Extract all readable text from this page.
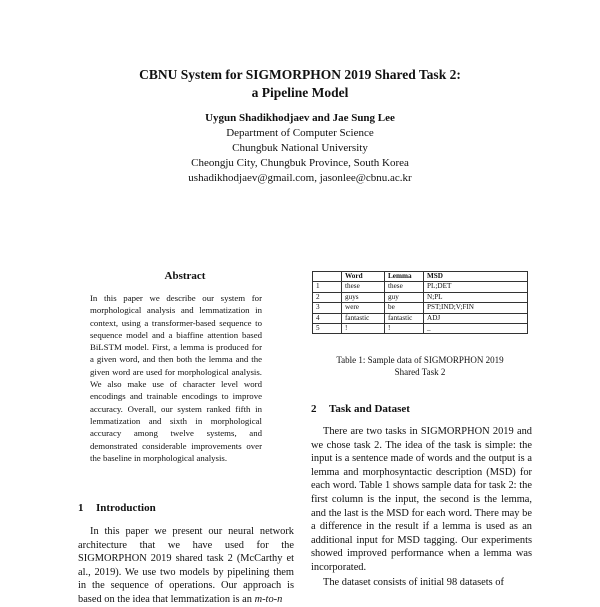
CBNU System for SIGMORPHON 2019 Shared Task 2:
a Pipeline Model
Uygun Shadikhodjaev and Jae Sung Lee
Department of Computer Science
Chungbuk National University
Cheongju City, Chungbuk Province, South Korea
ushadikhodjaev@gmail.com, jasonlee@cbnu.ac.kr
Abstract
In this paper we describe our system for morphological analysis and lemmatization in context, using a transformer-based sequence to sequence model and a biaffine attention based BiLSTM model. First, a lemma is produced for a given word, and then both the lemma and the given word are used for morphological analysis. We also make use of character level word encodings and trainable encodings to improve accuracy. Overall, our system ranked fifth in lemmatization and sixth in morphological accuracy among twelve systems, and demonstrated considerable improvements over the baseline in morphological analysis.
1 Introduction

In this paper we present our neural network architecture that we have used for the SIGMORPHON 2019 shared task 2 (McCarthy et al., 2019). We use two models by pipelining them in the sequence of operations. Our approach is based on the idea that lemmatization is an m-to-n

	Word	Lemma	MSD
1	these	these	PL;DET
2	guys	guy	N;PL
3	were	be	PST;IND;V;FIN
4	fantastic	fantastic	ADJ
5	!	!	_
Table 1: Sample data of SIGMORPHON 2019
Shared Task 2
2 Task and Dataset

There are two tasks in SIGMORPHON 2019 and we chose task 2. The idea of the task is simple: the input is a sentence made of words and the output is a lemma and morphosyntactic description (MSD) for each word. Table 1 shows sample data for task 2: the first column is the input, the second is the lemma, and the last is the MSD for each word. There may be a difference in the result if a lemma is used as an additional input for MSD tagging. Our experiments showed improved performance when a lemma was incorporated.

The dataset consists of initial 98 datasets of
